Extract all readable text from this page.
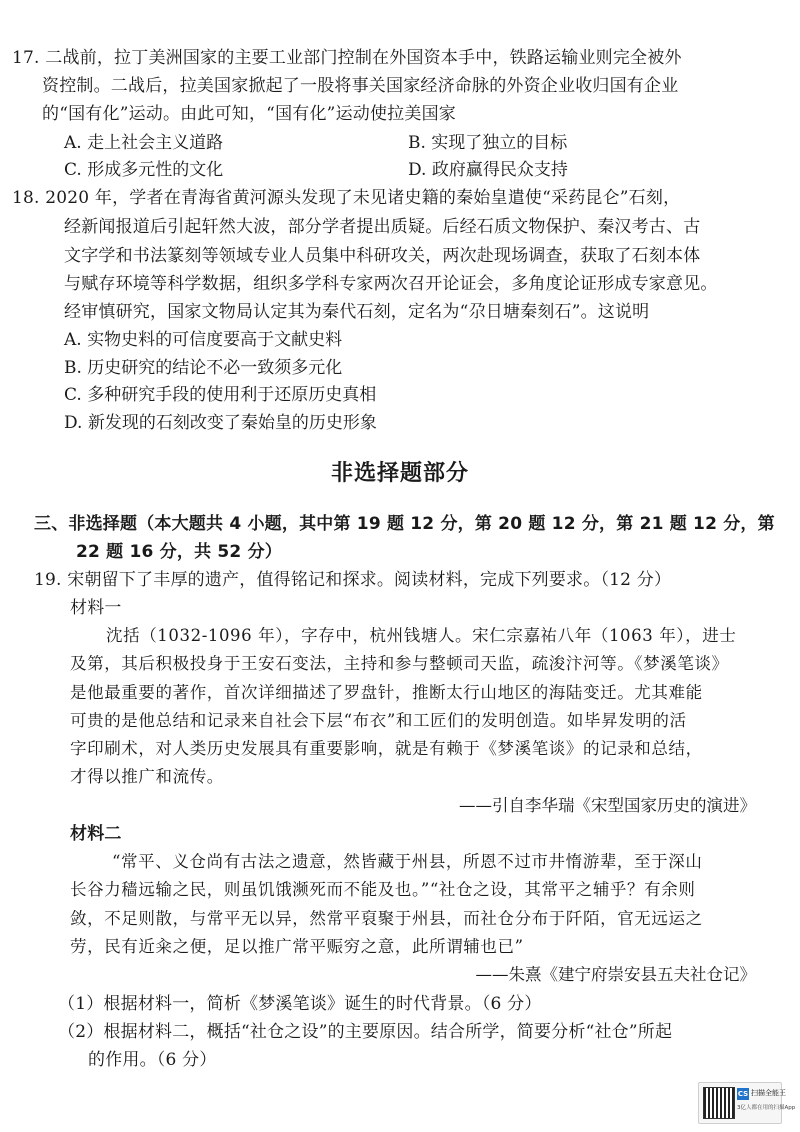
17. 二战前，拉丁美洲国家的主要工业部门控制在外国资本手中，铁路运输业则完全被外
资控制。二战后，拉美国家掀起了一股将事关国家经济命脉的外资企业收归国有企业
的“国有化”运动。由此可知，“国有化”运动使拉美国家
A. 走上社会主义道路	B. 实现了独立的目标
C. 形成多元性的文化	D. 政府赢得民众支持
18. 2020 年，学者在青海省黄河源头发现了未见诸史籍的秦始皇遣使“采药昆仑”石刻，
经新闻报道后引起轩然大波，部分学者提出质疑。后经石质文物保护、秦汉考古、古
文字学和书法篆刻等领域专业人员集中科研攻关，两次赴现场调查，获取了石刻本体
与赋存环境等科学数据，组织多学科专家两次召开论证会，多角度论证形成专家意见。
经审慎研究，国家文物局认定其为秦代石刻，定名为“尕日塘秦刻石”。这说明
A. 实物史料的可信度要高于文献史料
B. 历史研究的结论不必一致须多元化
C. 多种研究手段的使用利于还原历史真相
D. 新发现的石刻改变了秦始皇的历史形象
非选择题部分
三、非选择题（本大题共 4 小题，其中第 19 题 12 分，第 20 题 12 分，第 21 题 12 分，第
22 题 16 分，共 52 分）
19. 宋朝留下了丰厚的遗产，值得铭记和探求。阅读材料，完成下列要求。（12 分）
材料一
沈括（1032-1096 年），字存中，杭州钱塘人。宋仁宗嘉祐八年（1063 年），进士
及第，其后积极投身于王安石变法，主持和参与整顿司天监，疏浚汴河等。《梦溪笔谈》
是他最重要的著作，首次详细描述了罗盘针，推断太行山地区的海陆变迁。尤其难能
可贵的是他总结和记录来自社会下层“布衣”和工匠们的发明创造。如毕昇发明的活
字印刷术，对人类历史发展具有重要影响，就是有赖于《梦溪笔谈》的记录和总结，
才得以推广和流传。
——引自李华瑞《宋型国家历史的演进》
材料二
“常平、义仓尚有古法之遗意，然皆藏于州县，所恩不过市井惰游辈，至于深山
长谷力穑远输之民，则虽饥饿濒死而不能及也。”“社仓之设，其常平之辅乎？有余则
敛，不足则散，与常平无以异，然常平裒聚于州县，而社仓分布于阡陌，官无远运之
劳，民有近籴之便，足以推广常平赈穷之意，此所谓辅也已”
——朱熹《建宁府崇安县五夫社仓记》
（1）根据材料一，简析《梦溪笔谈》诞生的时代背景。（6 分）
（2）根据材料二，概括“社仓之设”的主要原因。结合所学，简要分析“社仓”所起
的作用。（6 分）
CS 扫描全能王
3亿人都在用的扫描App
